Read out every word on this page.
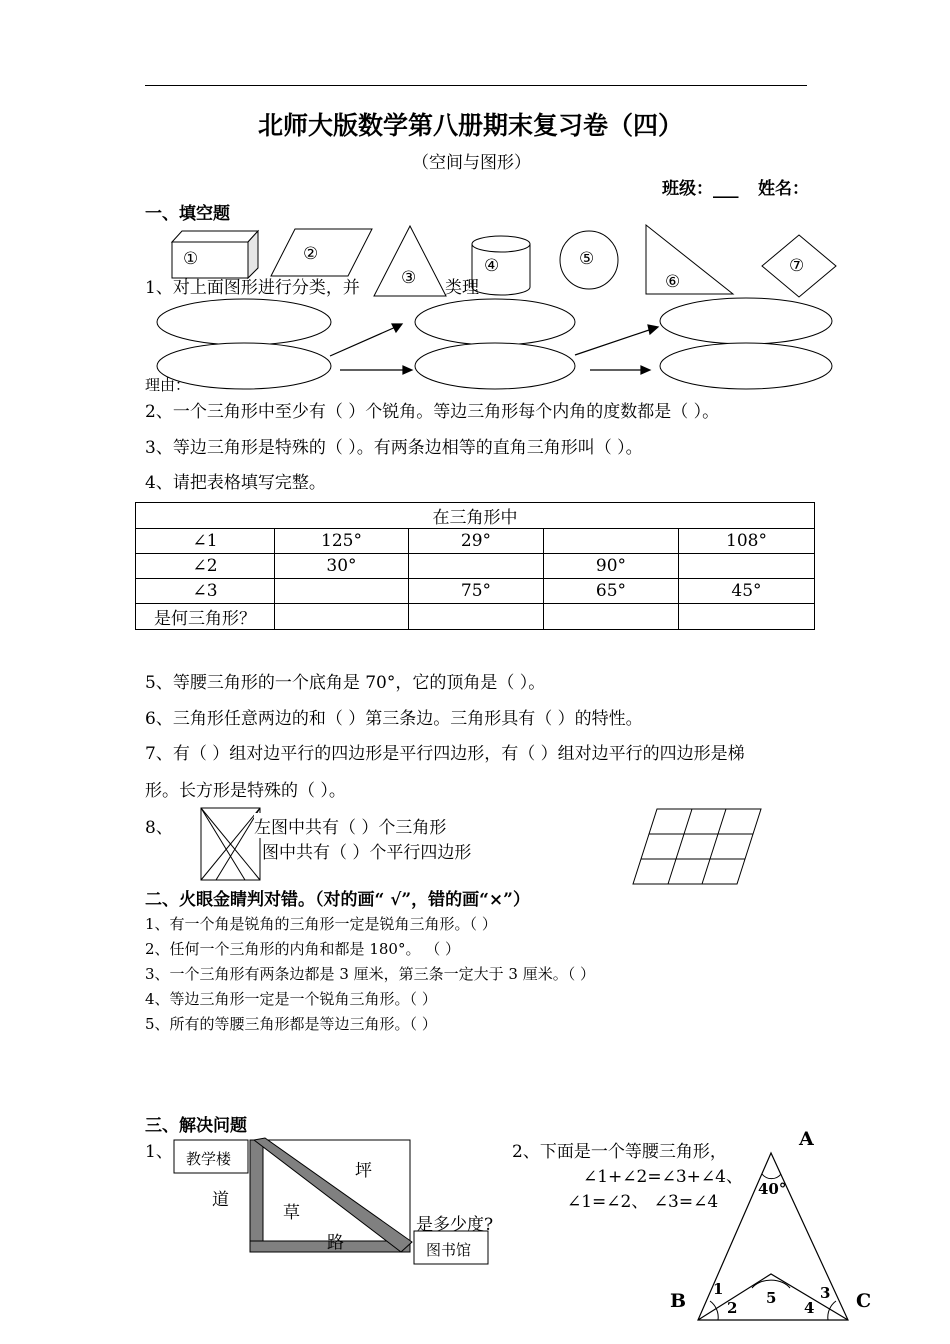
北师大版数学第八册期末复习卷（四）
（空间与图形）
班级：___ 姓名：
一、填空题
①	②
③
④	⑤
⑥
⑦
1、对上面图形进行分类，并	类理
理由：
2、一个三角形中至少有（ ）个锐角。等边三角形每个内角的度数都是（ ）。
3、等边三角形是特殊的（ ）。有两条边相等的直角三角形叫（ ）。
4、请把表格填写完整。
在三角形中				
∠1	125°	29°		108°
∠2	30°		90°	
∠3		75°	65°	45°
是何三角形？				
5、等腰三角形的一个底角是 70°，它的顶角是（ ）。
6、三角形任意两边的和（ ）第三条边。三角形具有（ ）的特性。
7、有（ ）组对边平行的四边形是平行四边形，有（ ）组对边平行的四边形是梯
形。长方形是特殊的（ ）。
8、	左图中共有（ ）个三角形
图中共有（ ）个平行四边形
二、火眼金睛判对错。（对的画“ √”，错的画“×”）
1、有一个角是锐角的三角形一定是锐角三角形。（ ）
2、任何一个三角形的内角和都是 180°。 （ ）
3、一个三角形有两条边都是 3 厘米，第三条一定大于 3 厘米。（ ）
4、等边三角形一定是一个锐角三角形。（ ）
5、所有的等腰三角形都是等边三角形。（ ）
三、解决问题
1、 教学楼
图书馆
道
草
坪
路
是多少度?
2、下面是一个等腰三角形，
∠1+∠2=∠3+∠4、
∠1=∠2、 ∠3=∠4
A
B	C
40°
1
2
5
4
3
